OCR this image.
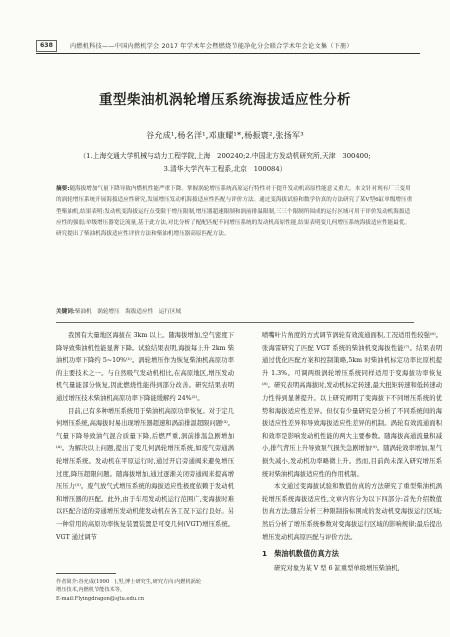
638	内燃机科技——中国内燃机学会 2017 年学术年会暨燃烧节能净化分会联合学术年会论文集（下册）
重型柴油机涡轮增压系统海拔适应性分析
谷允成¹,杨名洋¹,邓康耀¹*,杨振寰²,张扬军³
（1.上海交通大学机械与动力工程学院,上海　200240;2.中国北方发动机研究所,天津　300400;
3.清华大学汽车工程系,北京　100084）
摘要:随海拔增加气量下降导致内燃机性能严重下降。掌握涡轮增压系统高原运行特性对于提升发动机高原性能意义重大。本文针对现有厂三变用的涡轮增压系统开展海拔适应性研究,发展增压发动机海拔适应性匹配与评价方法。通过变海拔试验和数学仿真的方法研究了某V型6缸单级增压重型柴油机,结果表明:发动机变海拔运行点受限于增压限制,增压器超速限制和涡前排温限制,三三个限制所围成的运行区域可用于评价发动机海拔适应性的强弱;单级增压器宽泛流量,基于此方法,对比分析了配配匹配不同增压系统的发动机高原性能,结果表明变几何增压系统海拔适应性能最优。研究提出了柴油机海拔适应性评价方法和柴油机增压器高原匹配方法。
关键词:柴油机　涡轮增压　海拔适应性　运行区域

我国有大量地区海拔在 3km 以上。随海拔增加,空气密度下降导致柴油机性能显著下降。试验结果表明,海拔每上升 2km 柴油机功率下降约 5~10%⁽¹⁾。涡轮增压作为恢复柴油机高原功率的主要技术之一。与自然吸气发动机相比,在高原地区,增压发动机气量能部分恢复,因此燃烧性能得到部分改善。研究结果表明通过增压技术柴油机高原功率下降能缓解约 24%⁽²⁾。

目前,已有多种增压系统用于柴油机高原功率恢复。对于定几何增压系统,高海拔时易出现增压器超速和涡前排温超限问题⁽³⁾。气量下降导致油气混合质量下降,后燃严重,涡前排温急剧增加⁽⁴⁾。为解决以上问题,提出了变几何涡轮增压系统,如废气旁通涡轮增压系统。发动机在平原运行时,通过开启旁通阀来避免增压过度,降压超限问题。随海拔增加,通过逐渐关闭旁通阀来提高增压压力⁽⁵⁾。废气放气式增压系统的海拔适应性极度依赖于发动机和增压器的匹配。此外,由于车用发动机运行范围广,变海拔时难以匹配合适的旁通增压发动机使发动机在各工况下运行良好。另一种常用的高原功率恢复装置装置是可变几何(VGT)增压系统。VGT 通过调节

喷嘴叶片角度的方式调节涡轮有效流通面积,工况适用性较强⁽⁶⁾。张海雷研究了匹配 VGT 系统的柴油机变海拔性能⁽⁷⁾。结果表明通过优化匹配方案和控制策略,5km 时柴油机标定功率比原机提升 1.3%。可调两级涡轮增压系统同样适用于变海拔功率恢复⁽⁸⁾。研究表明高海拔时,发动机标定转速,最大扭矩转速和低转速动力性得到显著提升。以上研究阐明了变海拔下不同增压系统的优势和海拔适应性差异。但仅有少量研究是分析了不同系统间的海拔适应性差异和导致海拔适应性差异的机制。涡轮有效流通面积和效率是影响发动机性能的两大主要参数。随海拔高通流量积减小,排气背压上升导致泵气损失急剧增加⁽⁹⁾。随涡轮效率增加,泵气损失减小,发动机功率略微上升。然而,目前尚未深入研究增压系统对柴油机海拔适应性的作用机制。

本文通过变海拔试验和数值仿真的方法研究了重型柴油机涡轮增压系统海拔适应性,文章内容分为以下四部分:首先介绍数值仿真方法;随后分析三种限制指标围成的发动机变海拔运行区域;然后分析了增压系统参数对变海拔运行区域的影响规律;最后提出增压发动机高原匹配与评价方法。

1　柴油机数值仿真方法

研究对象为某 V 型 6 缸重型单级增压柴油机,

作者简介:谷允成(1990　),男,博士研究生,研究方向:内燃机涡轮
增压技术,内燃机节能技术等。
E-mail:Flyingdragon@sjtu.edu.cn
